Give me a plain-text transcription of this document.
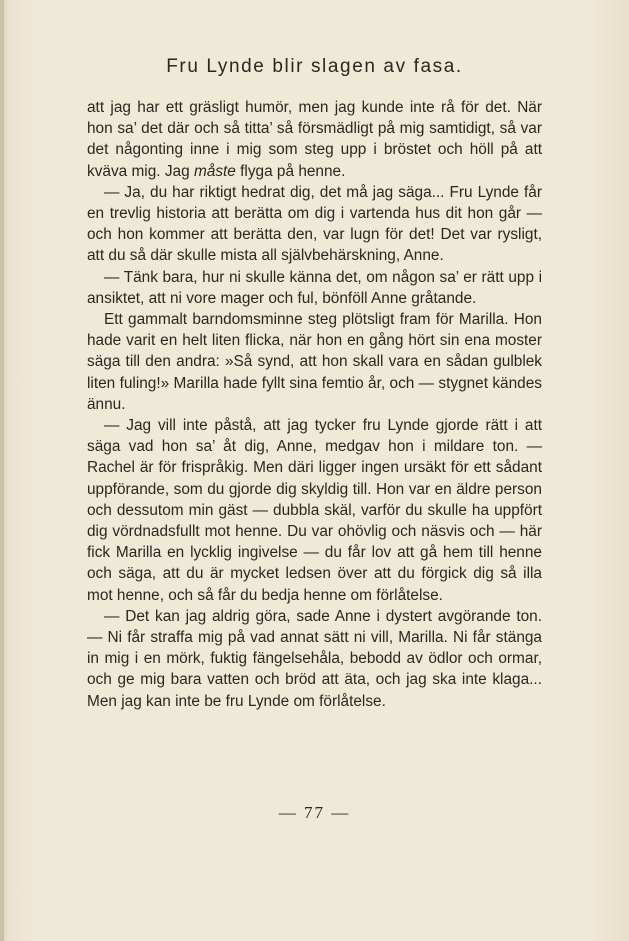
Fru Lynde blir slagen av fasa.

att jag har ett gräsligt humör, men jag kunde inte rå för det. När hon sa’ det där och så titta’ så försmädligt på mig samtidigt, så var det någonting inne i mig som steg upp i bröstet och höll på att kväva mig. Jag måste flyga på henne.

— Ja, du har riktigt hedrat dig, det må jag säga... Fru Lynde får en trevlig historia att berätta om dig i vartenda hus dit hon går — och hon kommer att berätta den, var lugn för det! Det var rysligt, att du så där skulle mista all självbehärskning, Anne.

— Tänk bara, hur ni skulle känna det, om någon sa’ er rätt upp i ansiktet, att ni vore mager och ful, bönföll Anne gråtande.

Ett gammalt barndomsminne steg plötsligt fram för Marilla. Hon hade varit en helt liten flicka, när hon en gång hört sin ena moster säga till den andra: »Så synd, att hon skall vara en sådan gulblek liten fuling!» Marilla hade fyllt sina femtio år, och — stygnet kändes ännu.

— Jag vill inte påstå, att jag tycker fru Lynde gjorde rätt i att säga vad hon sa’ åt dig, Anne, medgav hon i mildare ton. — Rachel är för frispråkig. Men däri ligger ingen ursäkt för ett sådant uppförande, som du gjorde dig skyldig till. Hon var en äldre person och dessutom min gäst — dubbla skäl, varför du skulle ha uppfört dig vördnadsfullt mot henne. Du var ohövlig och näsvis och — här fick Marilla en lycklig ingivelse — du får lov att gå hem till henne och säga, att du är mycket ledsen över att du förgick dig så illa mot henne, och så får du bedja henne om förlåtelse.

— Det kan jag aldrig göra, sade Anne i dystert avgörande ton. — Ni får straffa mig på vad annat sätt ni vill, Marilla. Ni får stänga in mig i en mörk, fuktig fängelsehåla, bebodd av ödlor och ormar, och ge mig bara vatten och bröd att äta, och jag ska inte klaga... Men jag kan inte be fru Lynde om förlåtelse.

— 77 —
